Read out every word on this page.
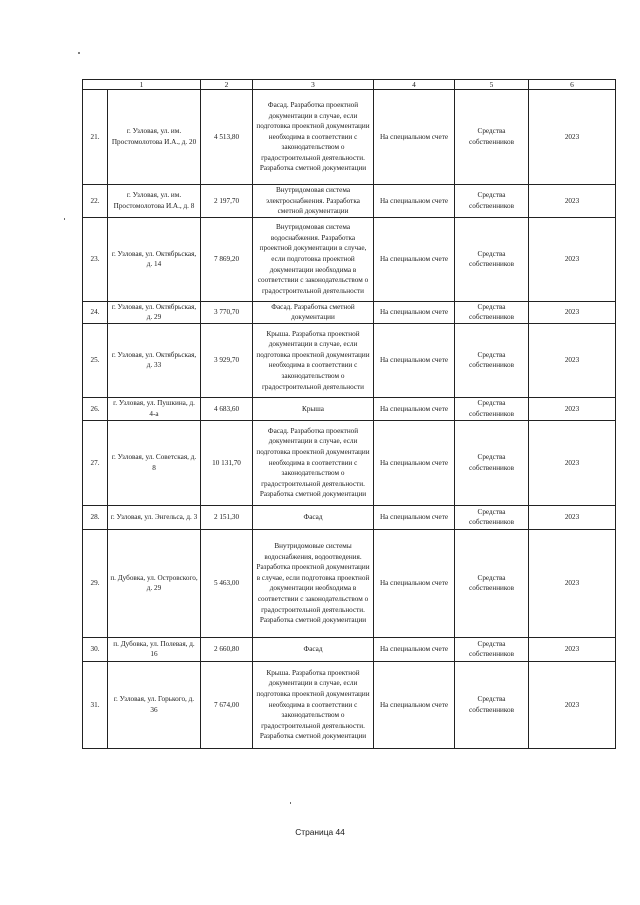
1		2	3	4	5	6
21.	г. Узловая, ул. им. Простомолотова И.А., д. 20	4 513,80	Фасад. Разработка проектной документации в случае, если подготовка проектной документации необходима в соответствии с законодательством о градостроительной деятельности. Разработка сметной документации	На специальном счете	Средства собственников	2023
22.	г. Узловая, ул. им. Простомолотова И.А., д. 8	2 197,70	Внутридомовая система электроснабжения. Разработка сметной документации	На специальном счете	Средства собственников	2023
23.	г. Узловая, ул. Октябрьская, д. 14	7 869,20	Внутридомовая система водоснабжения. Разработка проектной документации в случае, если подготовка проектной документации необходима в соответствии с законодательством о градостроительной деятельности	На специальном счете	Средства собственников	2023
24.	г. Узловая, ул. Октябрьская, д. 29	3 770,70	Фасад. Разработка сметной документации	На специальном счете	Средства собственников	2023
25.	г. Узловая, ул. Октябрьская, д. 33	3 929,70	Крыша. Разработка проектной документации в случае, если подготовка проектной документации необходима в соответствии с законодательством о градостроительной деятельности	На специальном счете	Средства собственников	2023
26.	г. Узловая, ул. Пушкина, д. 4-а	4 683,60	Крыша	На специальном счете	Средства собственников	2023
27.	г. Узловая, ул. Советская, д. 8	10 131,70	Фасад. Разработка проектной документации в случае, если подготовка проектной документации необходима в соответствии с законодательством о градостроительной деятельности. Разработка сметной документации	На специальном счете	Средства собственников	2023
28.	г. Узловая, ул. Энгельса, д. 3	2 151,30	Фасад	На специальном счете	Средства собственников	2023
29.	п. Дубовка, ул. Островского, д. 29	5 463,00	Внутридомовые системы водоснабжения, водоотведения. Разработка проектной документации в случае, если подготовка проектной документации необходима в соответствии с законодательством о градостроительной деятельности. Разработка сметной документации	На специальном счете	Средства собственников	2023
30.	п. Дубовка, ул. Полевая, д. 16	2 660,80	Фасад	На специальном счете	Средства собственников	2023
31.	г. Узловая, ул. Горького, д. 36	7 674,00	Крыша. Разработка проектной документации в случае, если подготовка проектной документации необходима в соответствии с законодательством о градостроительной деятельности. Разработка сметной документации	На специальном счете	Средства собственников	2023
Страница 44
